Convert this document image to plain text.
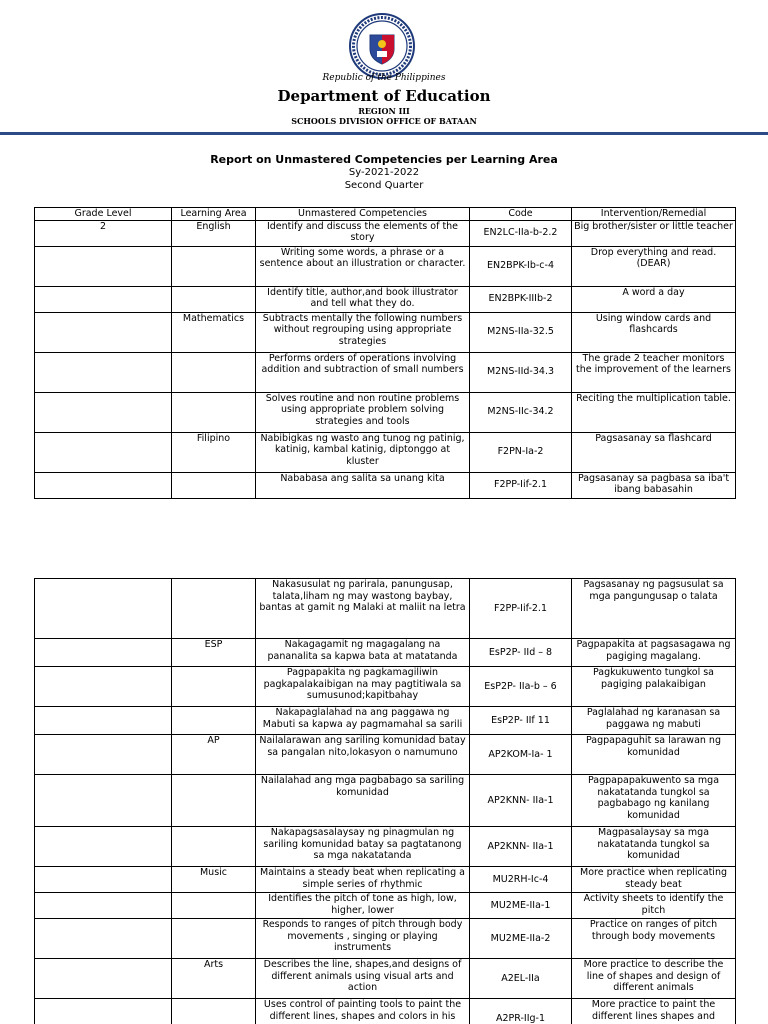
Republic of the Philippines
Department of Education
REGION III
SCHOOLS DIVISION OFFICE OF BATAAN
Report on Unmastered Competencies per Learning Area
Sy-2021-2022
Second Quarter
Grade Level	Learning Area	Unmastered Competencies	Code	Intervention/Remedial
2	English	Identify and discuss the elements of the story	EN2LC-IIa-b-2.2	Big brother/sister or little teacher
		Writing some words, a phrase or a sentence about an illustration or character.	EN2BPK-Ib-c-4	Drop everything and read.(DEAR)
		Identify title, author,and book illustrator and tell what they do.	EN2BPK-IIIb-2	A word a day
	Mathematics	Subtracts mentally the following numbers without regrouping using appropriate strategies	M2NS-IIa-32.5	Using window cards and flashcards
		Performs orders of operations involving addition and subtraction of small numbers	M2NS-IId-34.3	The grade 2 teacher monitors the improvement of the learners
		Solves routine and non routine problems using appropriate problem solving strategies and tools	M2NS-IIc-34.2	Reciting the multiplication table.
	Filipino	Nabibigkas ng wasto ang tunog ng patinig, katinig, kambal katinig, diptonggo at kluster	F2PN-Ia-2	Pagsasanay sa flashcard
		Nababasa ang salita sa unang kita	F2PP-Iif-2.1	Pagsasanay sa pagbasa sa iba't ibang babasahin
		Nakasusulat ng parirala, panungusap, talata,liham ng may wastong baybay, bantas at gamit ng Malaki at maliit na letra	F2PP-Iif-2.1	Pagsasanay ng pagsusulat sa mga pangungusap o talata
	ESP	Nakagagamit ng magagalang na pananalita sa kapwa bata at matatanda	EsP2P- IId – 8	Pagpapakita at pagsasagawa ng pagiging magalang.
		Pagpapakita ng pagkamagiliwin pagkapalakaibigan na may pagtitiwala sa sumusunod;kapitbahay	EsP2P- IIa-b – 6	Pagkukuwento tungkol sa pagiging palakaibigan
		Nakapaglalahad na ang paggawa ng Mabuti sa kapwa ay pagmamahal sa sarili	EsP2P- IIf 11	Paglalahad ng karanasan sa paggawa ng mabuti
	AP	Nailalarawan ang sariling komunidad batay sa pangalan nito,lokasyon o namumuno	AP2KOM-Ia- 1	Pagpapaguhit sa larawan ng komunidad
		Nailalahad ang mga pagbabago sa sariling komunidad	AP2KNN- IIa-1	Pagpapapakuwento sa mga nakatatanda tungkol sa pagbabago ng kanilang komunidad
		Nakapagsasalaysay ng pinagmulan ng sariling komunidad batay sa pagtatanong sa mga nakatatanda	AP2KNN- IIa-1	Magpasalaysay sa mga nakatatanda tungkol sa komunidad
	Music	Maintains a steady beat when replicating a simple series of rhythmic	MU2RH-Ic-4	More practice when replicating steady beat
		Identifies the pitch of tone as high, low, higher, lower	MU2ME-IIa-1	Activity sheets to identify the pitch
		Responds to ranges of pitch through body movements , singing or playing instruments	MU2ME-IIa-2	Practice on ranges of pitch through body movements
	Arts	Describes the line, shapes,and designs of different animals using visual arts and action	A2EL-IIa	More practice to describe the line of shapes and design of different animals
		Uses control of painting tools to paint the different lines, shapes and colors in his	A2PR-IIg-1	More practice to paint the different lines shapes and
